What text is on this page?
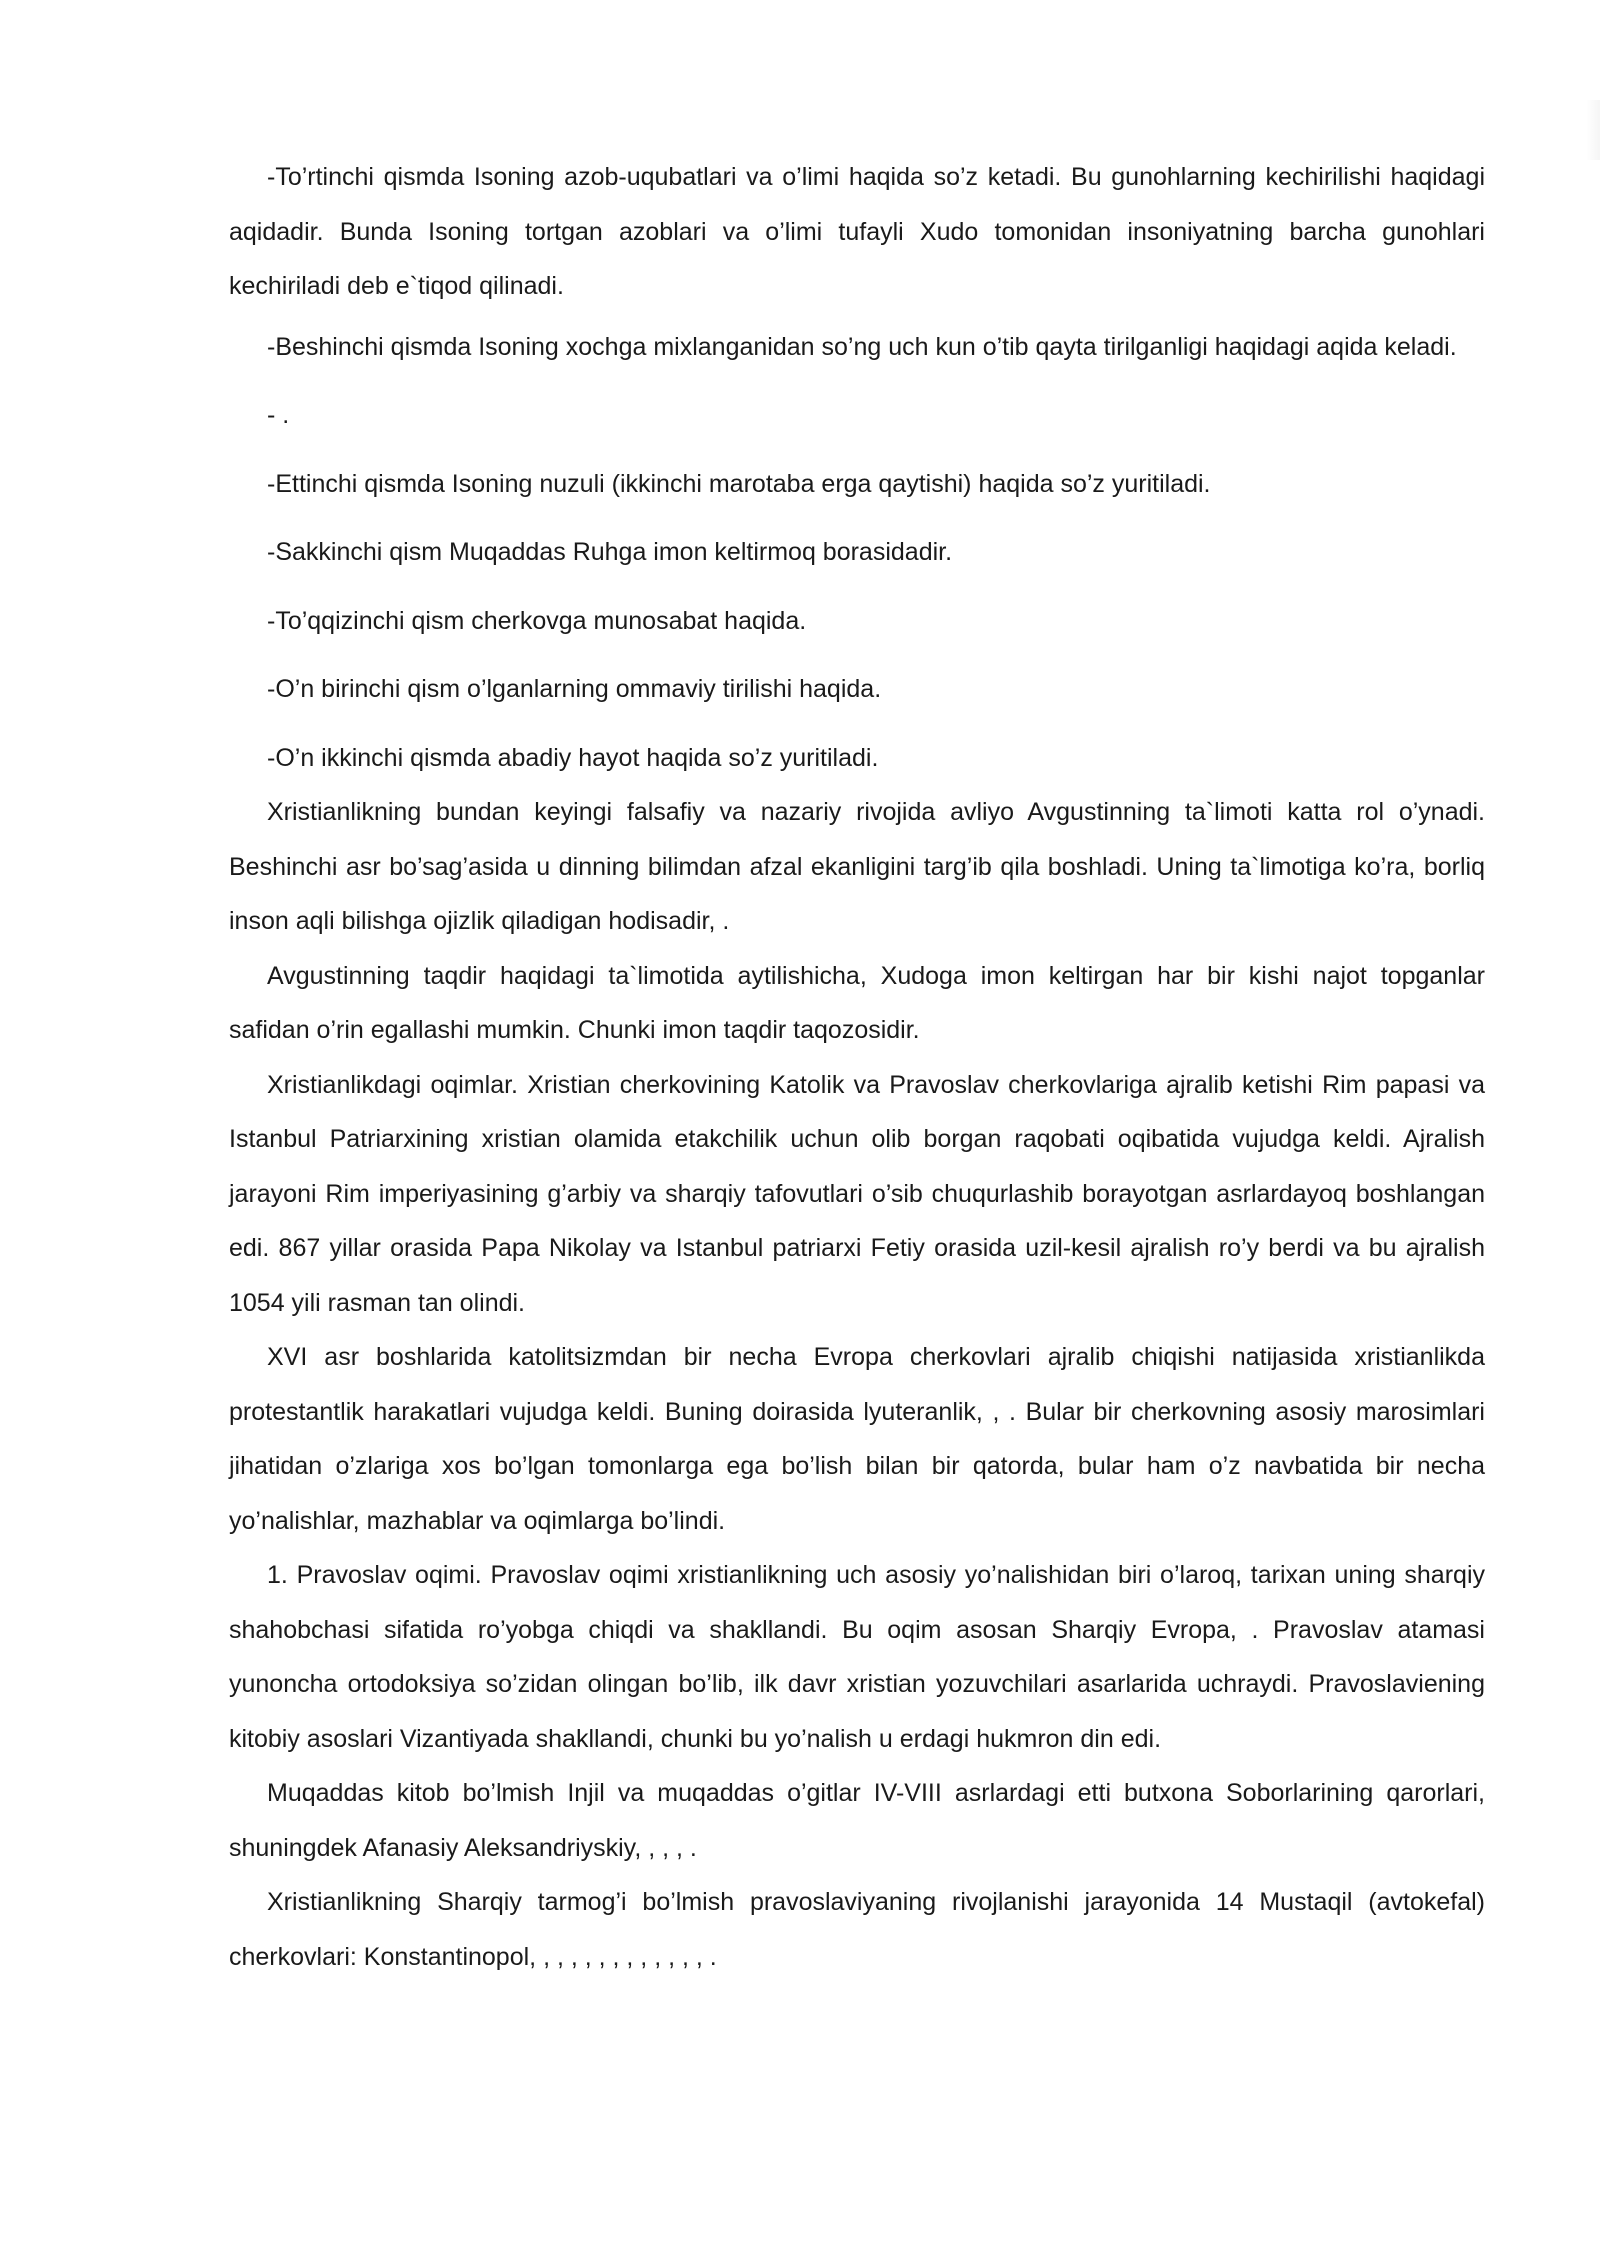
-To’rtinchi qismda Isoning azob-uqubatlari va o’limi haqida so’z ketadi. Bu gunohlarning kechirilishi haqidagi aqidadir. Bunda Isoning tortgan azoblari va o’limi tufayli Xudo tomonidan insoniyatning barcha gunohlari kechiriladi deb e`tiqod qilinadi.

-Beshinchi qismda Isoning xochga mixlanganidan so’ng uch kun o’tib qayta tirilganligi haqidagi aqida keladi.

- .

-Ettinchi qismda Isoning nuzuli (ikkinchi marotaba erga qaytishi) haqida so’z yuritiladi.

-Sakkinchi qism Muqaddas Ruhga imon keltirmoq borasidadir.

-To’qqizinchi qism cherkovga munosabat haqida.

-O’n birinchi qism o’lganlarning ommaviy tirilishi haqida.

-O’n ikkinchi qismda abadiy hayot haqida so’z yuritiladi.

Xristianlikning bundan keyingi falsafiy va nazariy rivojida avliyo Avgustinning ta`limoti katta rol o’ynadi. Beshinchi asr bo’sag’asida u dinning bilimdan afzal ekanligini targ’ib qila boshladi. Uning ta`limotiga ko’ra, borliq inson aqli bilishga ojizlik qiladigan hodisadir, .

Avgustinning taqdir haqidagi ta`limotida aytilishicha, Xudoga imon keltirgan har bir kishi najot topganlar safidan o’rin egallashi mumkin. Chunki imon taqdir taqozosidir.

Xristianlikdagi oqimlar. Xristian cherkovining Katolik va Pravoslav cherkovlariga ajralib ketishi Rim papasi va Istanbul Patriarxining xristian olamida etakchilik uchun olib borgan raqobati oqibatida vujudga keldi. Ajralish jarayoni Rim imperiyasining g’arbiy va sharqiy tafovutlari o’sib chuqurlashib borayotgan asrlardayoq boshlangan edi. 867 yillar orasida Papa Nikolay va Istanbul patriarxi Fetiy orasida uzil-kesil ajralish ro’y berdi va bu ajralish 1054 yili rasman tan olindi.

XVI asr boshlarida katolitsizmdan bir necha Evropa cherkovlari ajralib chiqishi natijasida xristianlikda protestantlik harakatlari vujudga keldi. Buning doirasida lyuteranlik, , . Bular bir cherkovning asosiy marosimlari jihatidan o’zlariga xos bo’lgan tomonlarga ega bo’lish bilan bir qatorda, bular ham o’z navbatida bir necha yo’nalishlar, mazhablar va oqimlarga bo’lindi.

1. Pravoslav oqimi. Pravoslav oqimi xristianlikning uch asosiy yo’nalishidan biri o’laroq, tarixan uning sharqiy shahobchasi sifatida ro’yobga chiqdi va shakllandi. Bu oqim asosan Sharqiy Evropa, . Pravoslav atamasi yunoncha ortodoksiya so’zidan olingan bo’lib, ilk davr xristian yozuvchilari asarlarida uchraydi. Pravoslaviening kitobiy asoslari Vizantiyada shakllandi, chunki bu yo’nalish u erdagi hukmron din edi.

Muqaddas kitob bo’lmish Injil va muqaddas o’gitlar IV-VIII asrlardagi etti butxona Soborlarining qarorlari, shuningdek Afanasiy Aleksandriyskiy, , , , .

Xristianlikning Sharqiy tarmog’i bo’lmish pravoslaviyaning rivojlanishi jarayonida 14 Mustaqil (avtokefal) cherkovlari: Konstantinopol, , , , , , , , , , , , , .
